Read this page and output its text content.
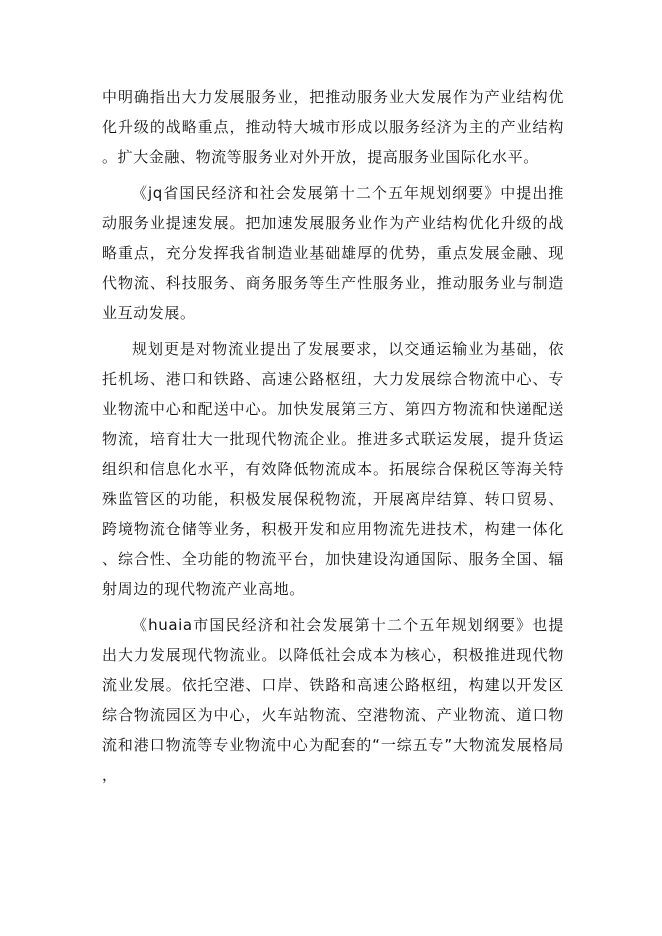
中明确指出大力发展服务业，把推动服务业大发展作为产业结构优化升级的战略重点，推动特大城市形成以服务经济为主的产业结构。扩大金融、物流等服务业对外开放，提高服务业国际化水平。

《jq省国民经济和社会发展第十二个五年规划纲要》中提出推动服务业提速发展。把加速发展服务业作为产业结构优化升级的战略重点，充分发挥我省制造业基础雄厚的优势，重点发展金融、现代物流、科技服务、商务服务等生产性服务业，推动服务业与制造业互动发展。

规划更是对物流业提出了发展要求，以交通运输业为基础，依托机场、港口和铁路、高速公路枢纽，大力发展综合物流中心、专业物流中心和配送中心。加快发展第三方、第四方物流和快递配送物流，培育壮大一批现代物流企业。推进多式联运发展，提升货运组织和信息化水平，有效降低物流成本。拓展综合保税区等海关特殊监管区的功能，积极发展保税物流，开展离岸结算、转口贸易、跨境物流仓储等业务，积极开发和应用物流先进技术，构建一体化、综合性、全功能的物流平台，加快建设沟通国际、服务全国、辐射周边的现代物流产业高地。

《huaia市国民经济和社会发展第十二个五年规划纲要》也提出大力发展现代物流业。以降低社会成本为核心，积极推进现代物流业发展。依托空港、口岸、铁路和高速公路枢纽，构建以开发区综合物流园区为中心，火车站物流、空港物流、产业物流、道口物流和港口物流等专业物流中心为配套的“一综五专”大物流发展格局，
